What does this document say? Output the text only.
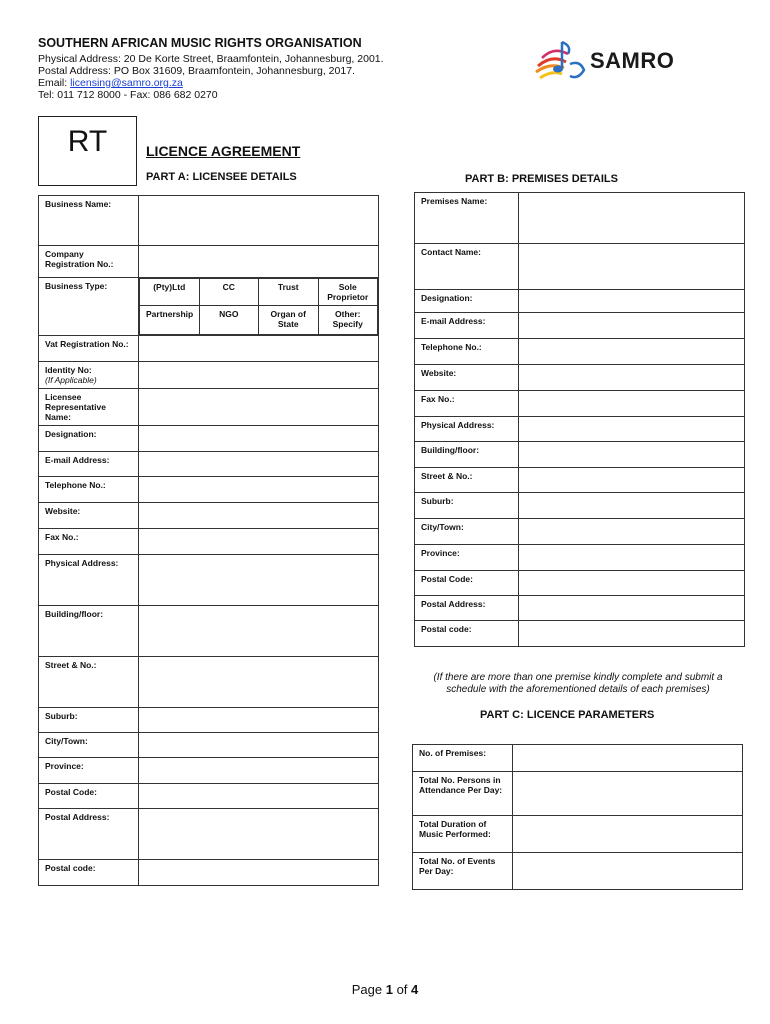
SOUTHERN AFRICAN MUSIC RIGHTS ORGANISATION
Physical Address: 20 De Korte Street, Braamfontein, Johannesburg, 2001.
Postal Address: PO Box 31609, Braamfontein, Johannesburg, 2017.
Email: licensing@samro.org.za
Tel: 011 712 8000 - Fax: 086 682 0270
SAMRO
RT	LICENCE AGREEMENT
PART A: LICENSEE DETAILS	PART B: PREMISES DETAILS
Business Name:	
Company Registration No.:	
Business Type:		(Pty)Ltd	CC	Trust	Sole Proprietor
Partnership	NGO	Organ of State	Other: Specify

Vat Registration No.:	
Identity No:
(If Applicable)	
Licensee Representative Name:	
Designation:	
E-mail Address:	
Telephone No.:	
Website:	
Fax No.:	
Physical Address:	
Building/floor:	
Street & No.:	
Suburb:	
City/Town:	
Province:	
Postal Code:	
Postal Address:	
Postal code:	
Premises Name:	
Contact Name:	
Designation:	
E-mail Address:	
Telephone No.:	
Website:	
Fax No.:	
Physical Address:	
Building/floor:	
Street & No.:	
Suburb:	
City/Town:	
Province:	
Postal Code:	
Postal Address:	
Postal code:	
(If there are more than one premise kindly complete and submit a schedule with the aforementioned details of each premises)
PART C: LICENCE PARAMETERS
No. of Premises:	
Total No. Persons in Attendance Per Day:	
Total Duration of Music Performed:	
Total No. of Events Per Day:	
Page 1 of 4
